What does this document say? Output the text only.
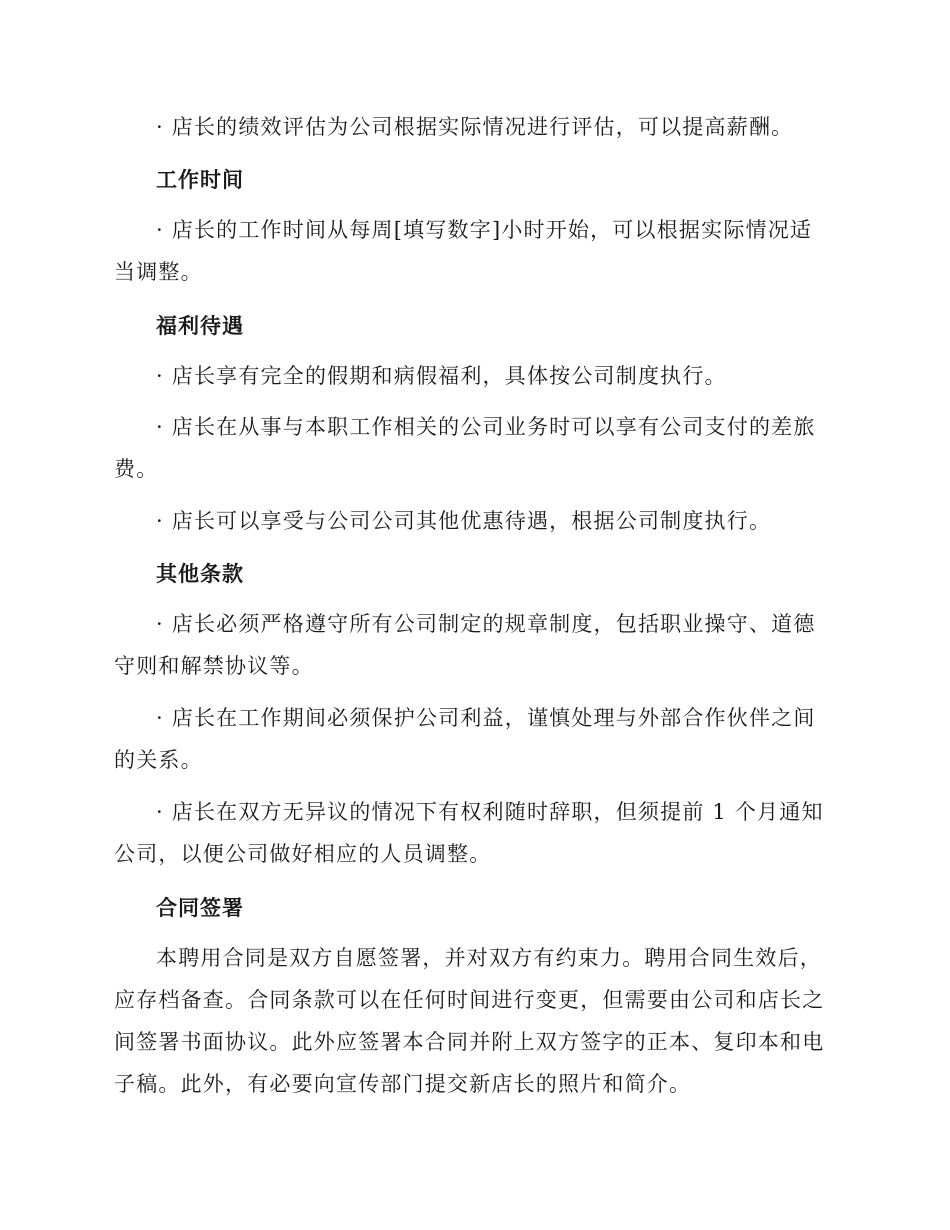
· 店长的绩效评估为公司根据实际情况进行评估，可以提高薪酬。

工作时间

· 店长的工作时间从每周[填写数字]小时开始，可以根据实际情况适当调整。

福利待遇

· 店长享有完全的假期和病假福利，具体按公司制度执行。

· 店长在从事与本职工作相关的公司业务时可以享有公司支付的差旅费。

· 店长可以享受与公司公司其他优惠待遇，根据公司制度执行。

其他条款

· 店长必须严格遵守所有公司制定的规章制度，包括职业操守、道德守则和解禁协议等。

· 店长在工作期间必须保护公司利益，谨慎处理与外部合作伙伴之间的关系。

· 店长在双方无异议的情况下有权利随时辞职，但须提前 1 个月通知公司，以便公司做好相应的人员调整。

合同签署

本聘用合同是双方自愿签署，并对双方有约束力。聘用合同生效后，应存档备查。合同条款可以在任何时间进行变更，但需要由公司和店长之间签署书面协议。此外应签署本合同并附上双方签字的正本、复印本和电子稿。此外，有必要向宣传部门提交新店长的照片和简介。
